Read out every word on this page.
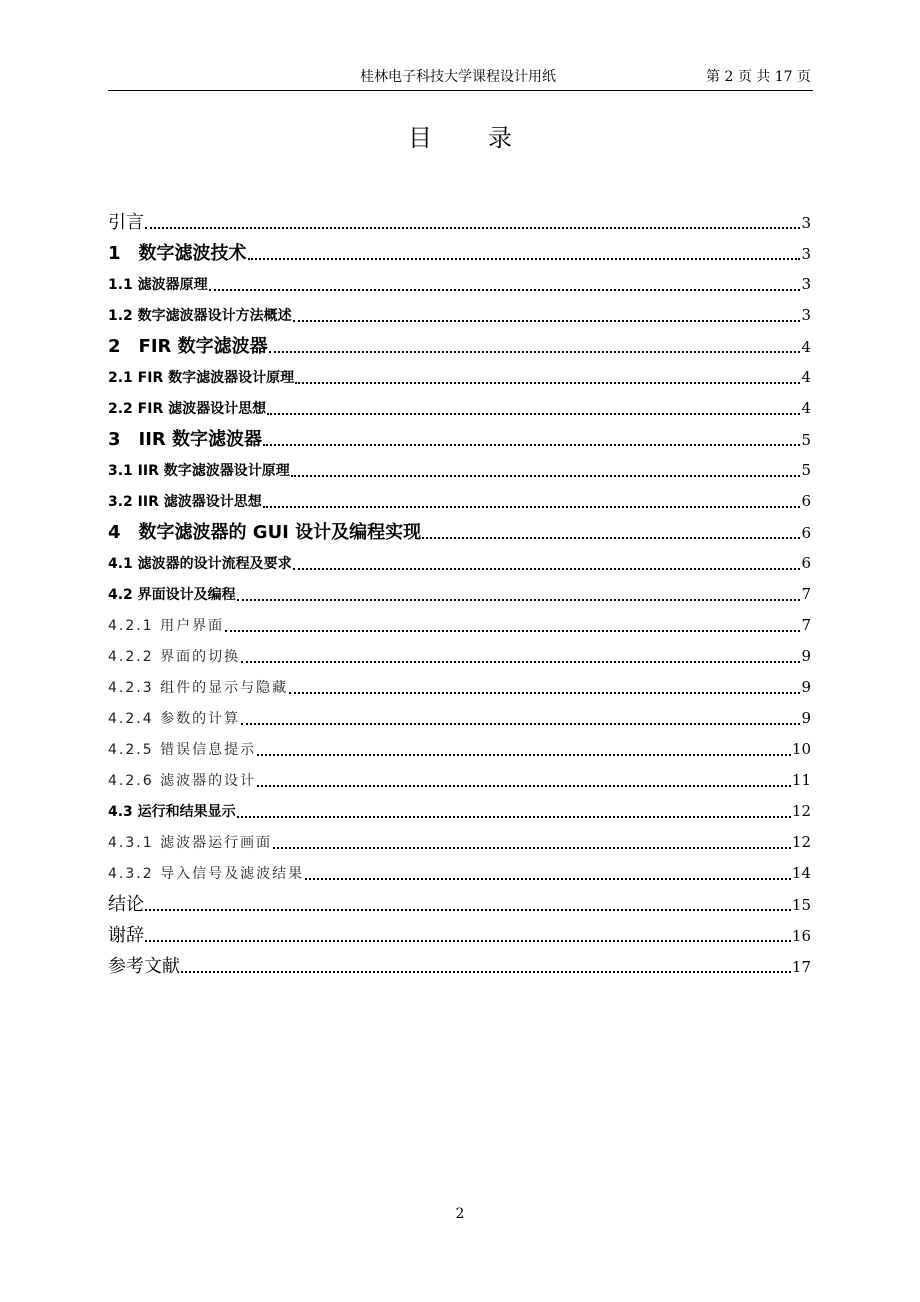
桂林电子科技大学课程设计用纸	第 2 页 共 17 页
目录
引言	3
1　数字滤波技术	3
1.1 滤波器原理	3
1.2 数字滤波器设计方法概述	3
2　FIR 数字滤波器	4
2.1 FIR 数字滤波器设计原理	4
2.2 FIR 滤波器设计思想	4
3　IIR 数字滤波器	5
3.1 IIR 数字滤波器设计原理	5
3.2 IIR 滤波器设计思想	6
4　数字滤波器的 GUI 设计及编程实现	6
4.1 滤波器的设计流程及要求	6
4.2 界面设计及编程	7
4.2.1 用户界面	7
4.2.2 界面的切换	9
4.2.3 组件的显示与隐藏	9
4.2.4 参数的计算	9
4.2.5 错误信息提示	10
4.2.6 滤波器的设计	11
4.3 运行和结果显示	12
4.3.1 滤波器运行画面	12
4.3.2 导入信号及滤波结果	14
结论	15
谢辞	16
参考文献	17
2
